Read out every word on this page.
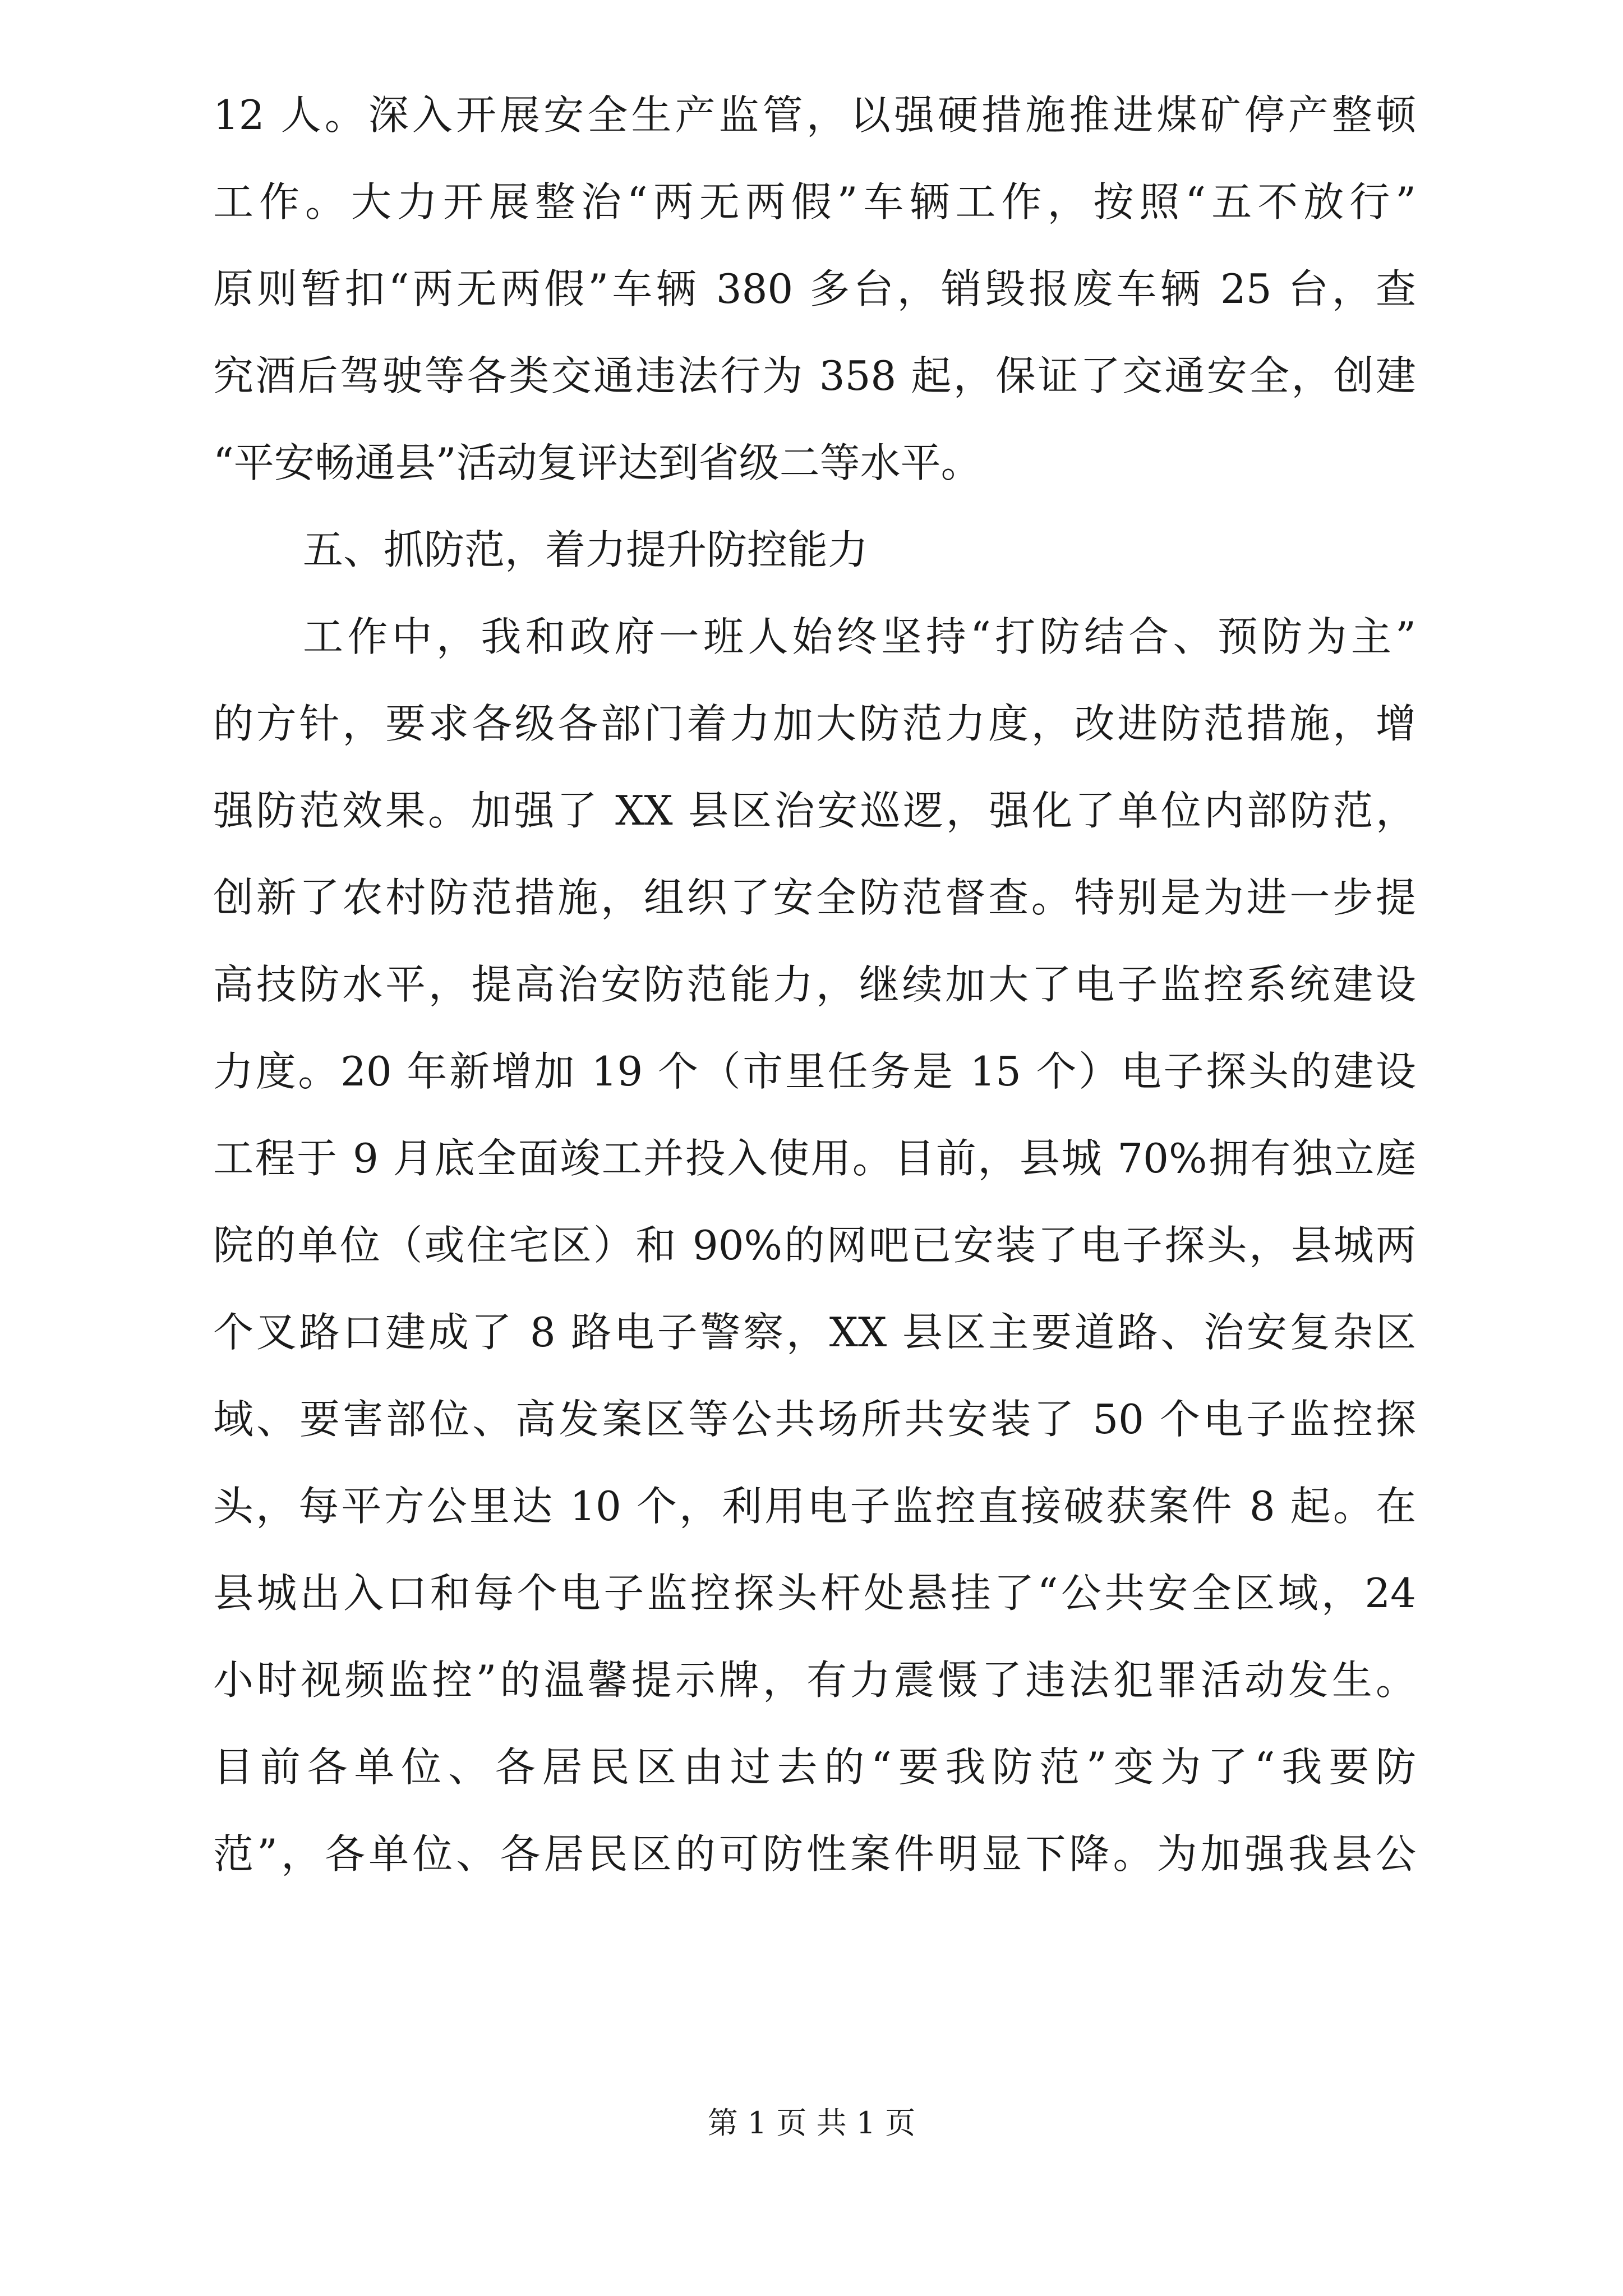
12 人。深入开展安全生产监管，以强硬措施推进煤矿停产整顿
工作。大力开展整治“两无两假”车辆工作，按照“五不放行”
原则暂扣“两无两假”车辆 380 多台，销毁报废车辆 25 台，查
究酒后驾驶等各类交通违法行为 358 起，保证了交通安全，创建
“平安畅通县”活动复评达到省级二等水平。
五、抓防范，着力提升防控能力
工作中，我和政府一班人始终坚持“打防结合、预防为主”
的方针，要求各级各部门着力加大防范力度，改进防范措施，增
强防范效果。加强了 XX 县区治安巡逻，强化了单位内部防范，
创新了农村防范措施，组织了安全防范督查。特别是为进一步提
高技防水平，提高治安防范能力，继续加大了电子监控系统建设
力度。20 年新增加 19 个（市里任务是 15 个）电子探头的建设
工程于 9 月底全面竣工并投入使用。目前，县城 70%拥有独立庭
院的单位（或住宅区）和 90%的网吧已安装了电子探头，县城两
个叉路口建成了 8 路电子警察，XX 县区主要道路、治安复杂区
域、要害部位、高发案区等公共场所共安装了 50 个电子监控探
头，每平方公里达 10 个，利用电子监控直接破获案件 8 起。在
县城出入口和每个电子监控探头杆处悬挂了“公共安全区域，24
小时视频监控”的温馨提示牌，有力震慑了违法犯罪活动发生。
目前各单位、各居民区由过去的“要我防范”变为了“我要防
范”，各单位、各居民区的可防性案件明显下降。为加强我县公
第 1 页 共 1 页
